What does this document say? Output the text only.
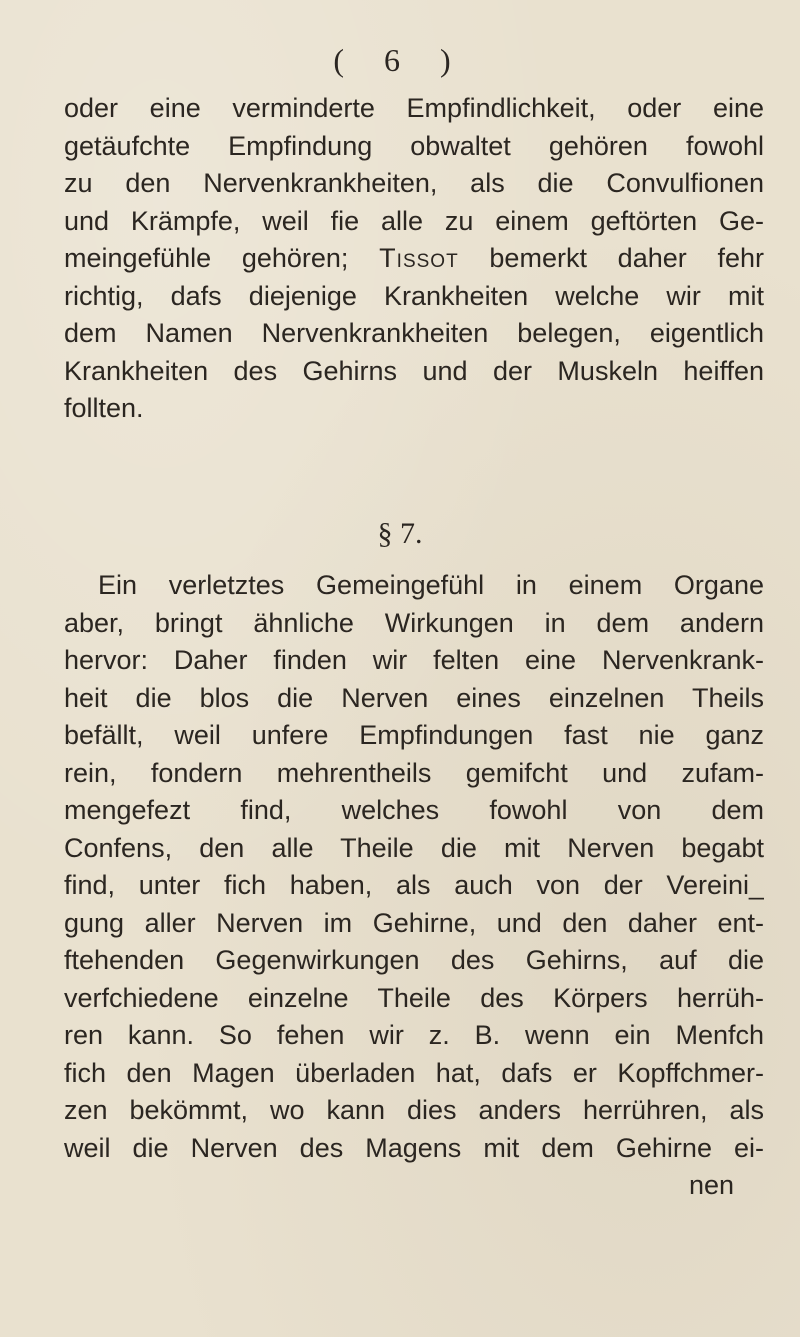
( 6 )
oder eine verminderte Empfindlichkeit, oder eine
getäufchte Empfindung obwaltet gehören fowohl
zu den Nervenkrankheiten, als die Convulfionen
und Krämpfe, weil fie alle zu einem geftörten Ge-
meingefühle gehören; Tissot bemerkt daher fehr
richtig, dafs diejenige Krankheiten welche wir mit
dem Namen Nervenkrankheiten belegen, eigentlich
Krankheiten des Gehirns und der Muskeln heiffen
follten.
§ 7.
Ein verletztes Gemeingefühl in einem Organe
aber, bringt ähnliche Wirkungen in dem andern
hervor: Daher finden wir felten eine Nervenkrank-
heit die blos die Nerven eines einzelnen Theils
befällt, weil unfere Empfindungen fast nie ganz
rein, fondern mehrentheils gemifcht und zufam-
mengefezt find, welches fowohl von dem
Confens, den alle Theile die mit Nerven begabt
find, unter fich haben, als auch von der Vereini_
gung aller Nerven im Gehirne, und den daher ent-
ftehenden Gegenwirkungen des Gehirns, auf die
verfchiedene einzelne Theile des Körpers herrüh-
ren kann. So fehen wir z. B. wenn ein Menfch
fich den Magen überladen hat, dafs er Kopffchmer-
zen bekömmt, wo kann dies anders herrühren, als
weil die Nerven des Magens mit dem Gehirne ei-
nen
